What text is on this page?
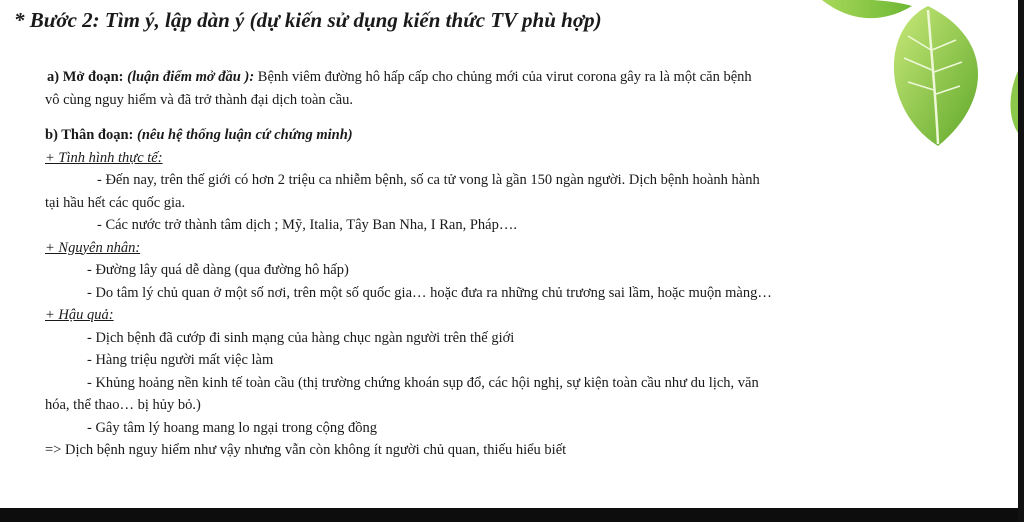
* Bước 2: Tìm ý, lập dàn ý (dự kiến sử dụng kiến thức TV phù hợp)
a) Mở đoạn: (luận điểm mở đầu ): Bệnh viêm đường hô hấp cấp cho chủng mới của virut corona gây ra là một căn bệnh
vô cùng nguy hiểm và đã trở thành đại dịch toàn cầu.
b) Thân đoạn: (nêu hệ thống luận cứ chứng minh)
+ Tình hình thực tế:
- Đến nay, trên thế giới có hơn 2 triệu ca nhiễm bệnh, số ca tử vong là gần 150 ngàn người. Dịch bệnh hoành hành
tại hầu hết các quốc gia.
- Các nước trở thành tâm dịch ; Mỹ, Italia, Tây Ban Nha, I Ran, Pháp….
+ Nguyên nhân:
- Đường lây quá dễ dàng (qua đường hô hấp)
- Do tâm lý chủ quan ở một số nơi, trên một số quốc gia… hoặc đưa ra những chủ trương sai lầm, hoặc muộn màng…
+ Hậu quả:
- Dịch bệnh đã cướp đi sinh mạng của hàng chục ngàn người trên thế giới
- Hàng triệu người mất việc làm
- Khủng hoảng nền kinh tế toàn cầu (thị trường chứng khoán sụp đổ, các hội nghị, sự kiện toàn cầu như du lịch, văn
hóa, thể thao… bị hủy bỏ.)
- Gây tâm lý hoang mang lo ngại trong cộng đồng
=> Dịch bệnh nguy hiểm như vậy nhưng vẫn còn không ít người chủ quan, thiếu hiểu biết
